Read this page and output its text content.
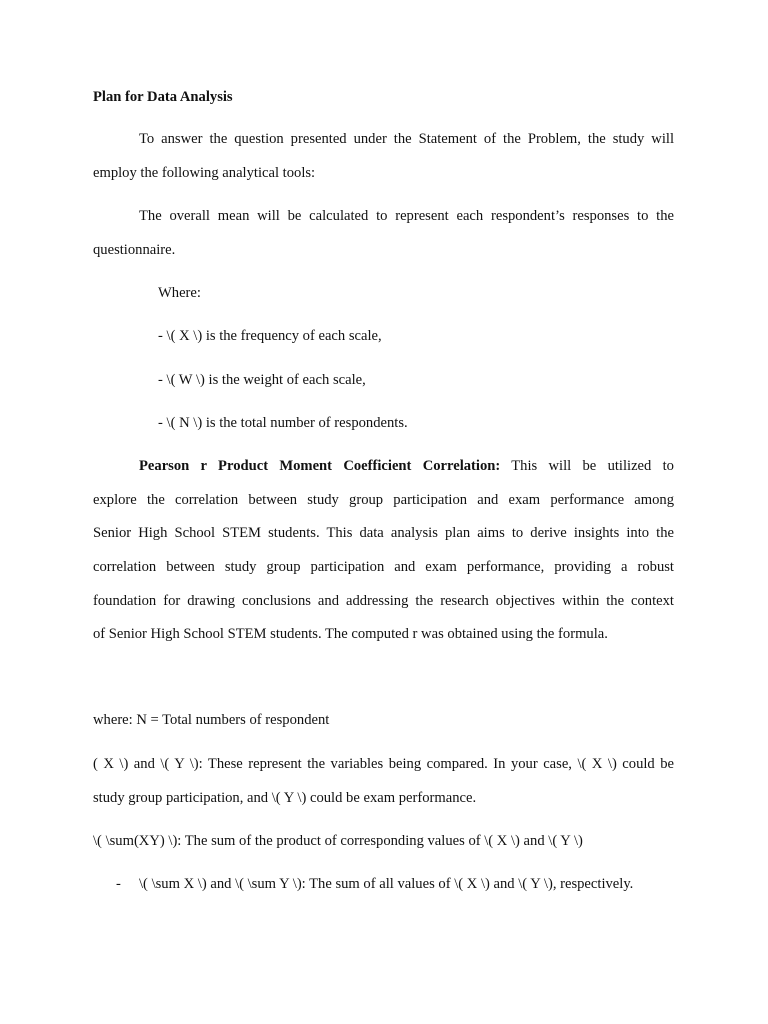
Plan for Data Analysis
To answer the question presented under the Statement of the Problem, the study will
employ the following analytical tools:
The overall mean will be calculated to represent each respondent’s responses to the
questionnaire.
Where:
- \( X \) is the frequency of each scale,
- \( W \) is the weight of each scale,
- \( N \) is the total number of respondents.
Pearson r Product Moment Coefficient Correlation: This will be utilized to
explore the correlation between study group participation and exam performance among
Senior High School STEM students. This data analysis plan aims to derive insights into the
correlation between study group participation and exam performance, providing a robust
foundation for drawing conclusions and addressing the research objectives within the context
of Senior High School STEM students. The computed r was obtained using the formula.
where: N = Total numbers of respondent
( X \) and \( Y \): These represent the variables being compared. In your case, \( X \) could be
study group participation, and \( Y \) could be exam performance.
\( \sum(XY) \): The sum of the product of corresponding values of \( X \) and \( Y \)
- \( \sum X \) and \( \sum Y \): The sum of all values of \( X \) and \( Y \), respectively.
